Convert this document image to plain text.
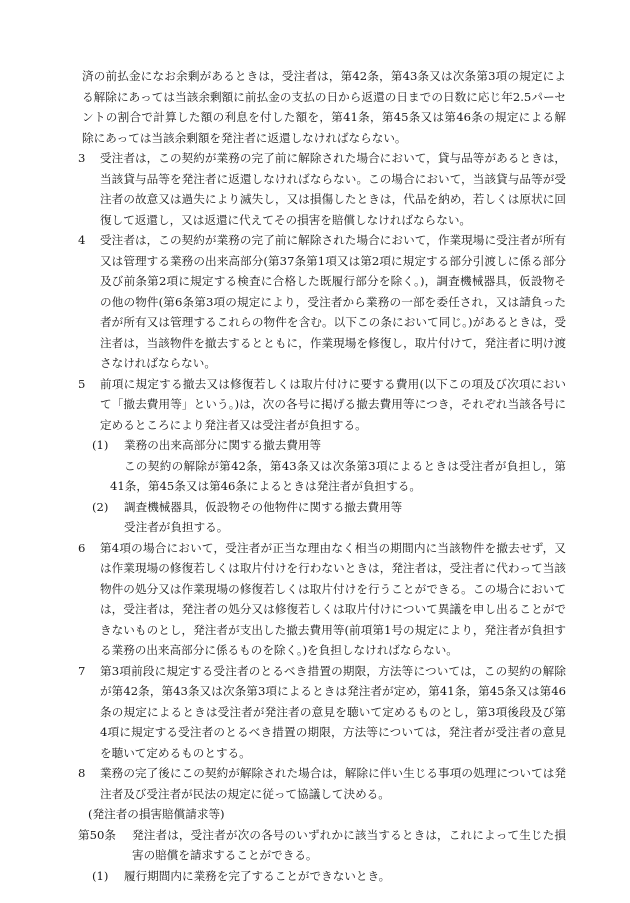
済の前払金になお余剰があるときは，受注者は，第42条，第43条又は次条第3項の規定による解除にあっては当該余剰額に前払金の支払の日から返還の日までの日数に応じ年2.5パーセントの割合で計算した額の利息を付した額を，第41条，第45条又は第46条の規定による解除にあっては当該余剰額を発注者に返還しなければならない。

3	受注者は，この契約が業務の完了前に解除された場合において，貸与品等があるときは，当該貸与品等を発注者に返還しなければならない。この場合において，当該貸与品等が受注者の故意又は過失により滅失し，又は損傷したときは，代品を納め，若しくは原状に回復して返還し，又は返還に代えてその損害を賠償しなければならない。
4	受注者は，この契約が業務の完了前に解除された場合において，作業現場に受注者が所有又は管理する業務の出来高部分(第37条第1項又は第2項に規定する部分引渡しに係る部分及び前条第2項に規定する検査に合格した既履行部分を除く。)，調査機械器具，仮設物その他の物件(第6条第3項の規定により，受注者から業務の一部を委任され，又は請負った者が所有又は管理するこれらの物件を含む。以下この条において同じ。)があるときは，受注者は，当該物件を撤去するとともに，作業現場を修復し，取片付けて，発注者に明け渡さなければならない。
5	前項に規定する撤去又は修復若しくは取片付けに要する費用(以下この項及び次項において「撤去費用等」という。)は，次の各号に掲げる撤去費用等につき，それぞれ当該各号に定めるところにより発注者又は受注者が負担する。
(1)	業務の出来高部分に関する撤去費用等

この契約の解除が第42条，第43条又は次条第3項によるときは受注者が負担し，第41条，第45条又は第46条によるときは発注者が負担する。

(2)	調査機械器具，仮設物その他物件に関する撤去費用等

受注者が負担する。

6	第4項の場合において，受注者が正当な理由なく相当の期間内に当該物件を撤去せず，又は作業現場の修復若しくは取片付けを行わないときは，発注者は，受注者に代わって当該物件の処分又は作業現場の修復若しくは取片付けを行うことができる。この場合においては，受注者は，発注者の処分又は修復若しくは取片付けについて異議を申し出ることができないものとし，発注者が支出した撤去費用等(前項第1号の規定により，発注者が負担する業務の出来高部分に係るものを除く。)を負担しなければならない。
7	第3項前段に規定する受注者のとるべき措置の期限，方法等については，この契約の解除が第42条，第43条又は次条第3項によるときは発注者が定め，第41条，第45条又は第46条の規定によるときは受注者が発注者の意見を聴いて定めるものとし，第3項後段及び第4項に規定する受注者のとるべき措置の期限，方法等については，発注者が受注者の意見を聴いて定めるものとする。
8	業務の完了後にこの契約が解除された場合は，解除に伴い生じる事項の処理については発注者及び受注者が民法の規定に従って協議して決める。

(発注者の損害賠償請求等)

第50条	発注者は，受注者が次の各号のいずれかに該当するときは，これによって生じた損害の賠償を請求することができる。
(1)	履行期間内に業務を完了することができないとき。
